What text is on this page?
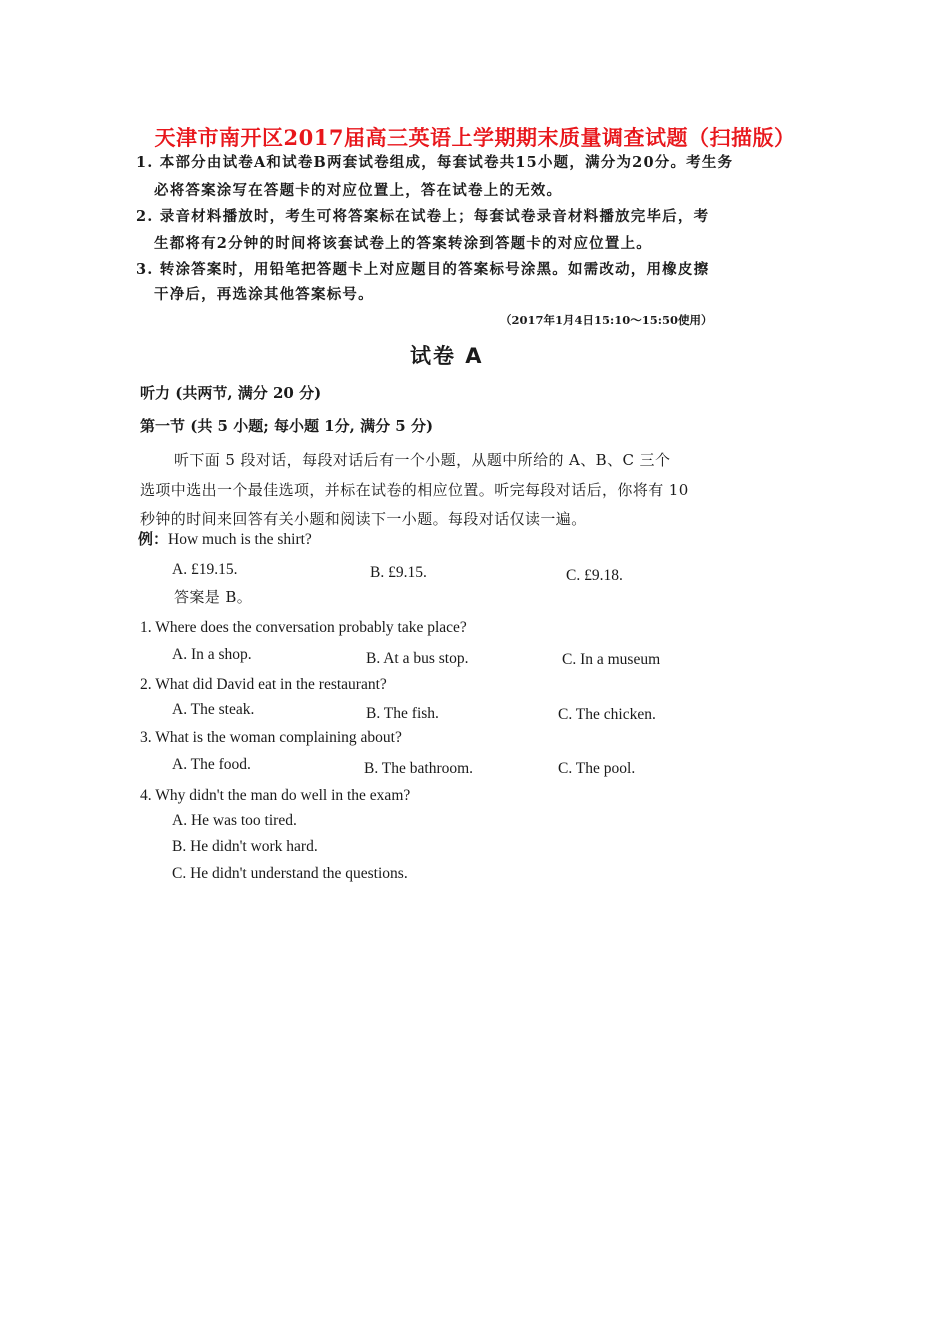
天津市南开区2017届高三英语上学期期末质量调查试题（扫描版）
1. 本部分由试卷A和试卷B两套试卷组成，每套试卷共15小题，满分为20分。考生务
必将答案涂写在答题卡的对应位置上，答在试卷上的无效。
2. 录音材料播放时，考生可将答案标在试卷上；每套试卷录音材料播放完毕后，考
生都将有2分钟的时间将该套试卷上的答案转涂到答题卡的对应位置上。
3. 转涂答案时，用铅笔把答题卡上对应题目的答案标号涂黑。如需改动，用橡皮擦
干净后，再选涂其他答案标号。
（2017年1月4日15:10～15:50使用）
试卷 A
听力 (共两节, 满分 20 分)
第一节 (共 5 小题; 每小题 1分, 满分 5 分)
听下面 5 段对话，每段对话后有一个小题，从题中所给的 A、B、C 三个
选项中选出一个最佳选项，并标在试卷的相应位置。听完每段对话后，你将有 10
秒钟的时间来回答有关小题和阅读下一小题。每段对话仅读一遍。
例：How much is the shirt?
A. £19.15.	B. £9.15.	C. £9.18.
答案是 B。
1. Where does the conversation probably take place?
A. In a shop.	B. At a bus stop.	C. In a museum
2. What did David eat in the restaurant?
A. The steak.	B. The fish.	C. The chicken.
3. What is the woman complaining about?
A. The food.	B. The bathroom.	C. The pool.
4. Why didn't the man do well in the exam?
A. He was too tired.
B. He didn't work hard.
C. He didn't understand the questions.
